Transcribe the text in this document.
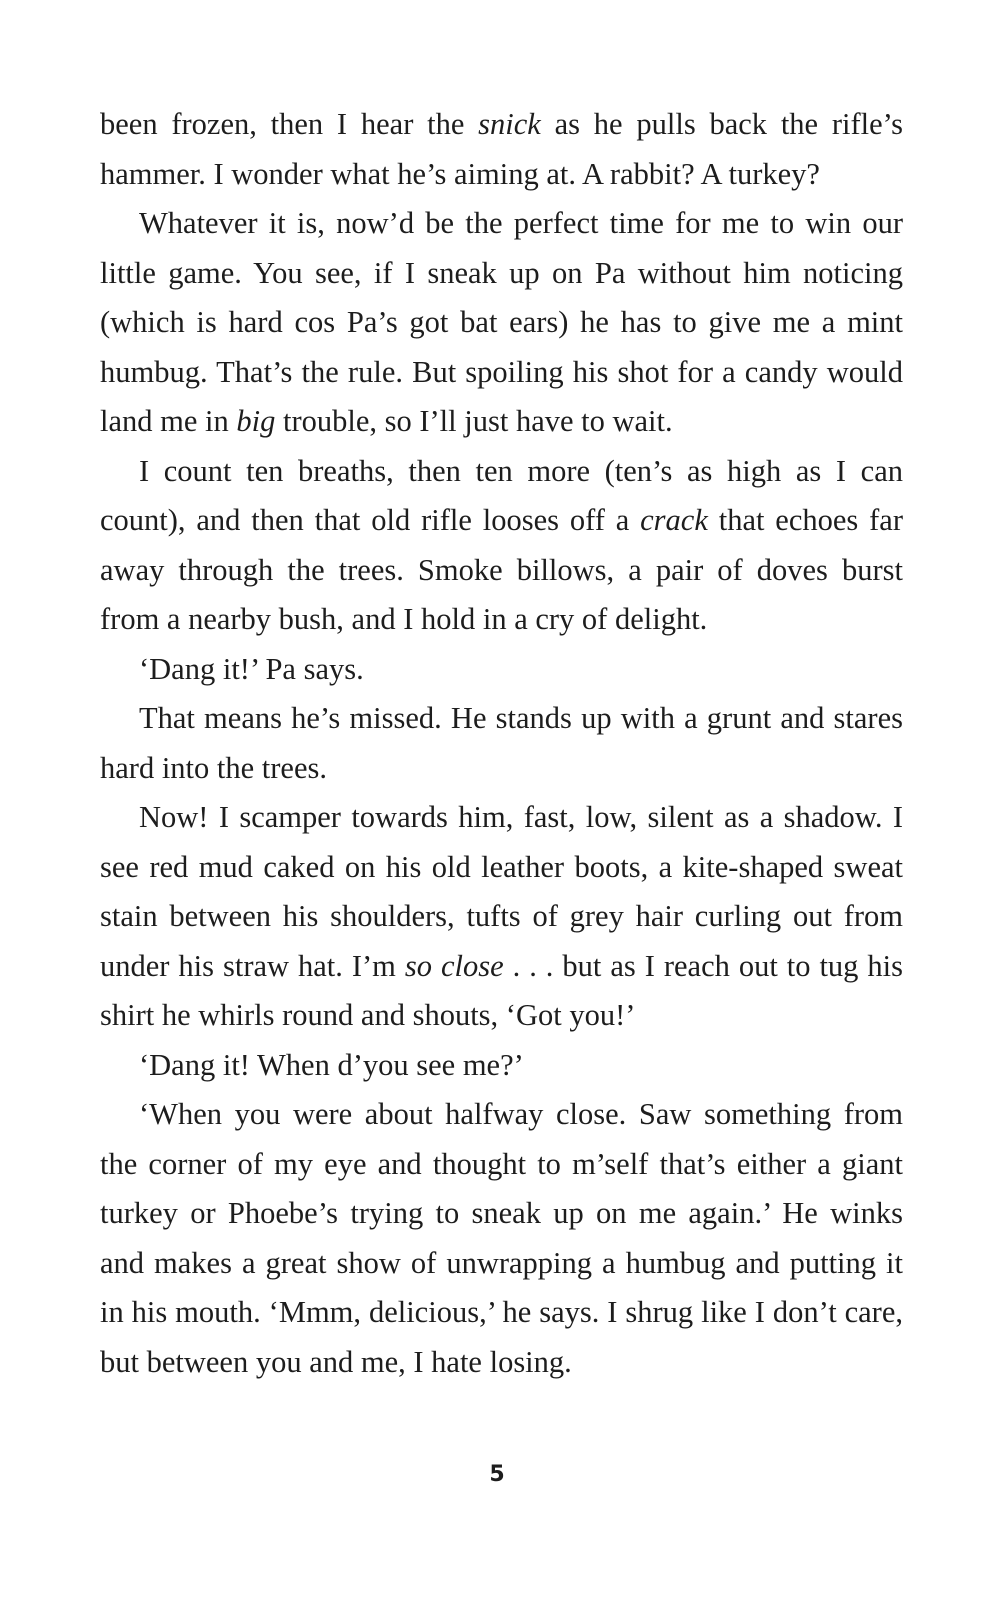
been frozen, then I hear the snick as he pulls back the rifle’s hammer. I wonder what he’s aiming at. A rabbit? A turkey?

Whatever it is, now’d be the perfect time for me to win our little game. You see, if I sneak up on Pa without him noticing (which is hard cos Pa’s got bat ears) he has to give me a mint humbug. That’s the rule. But spoiling his shot for a candy would land me in big trouble, so I’ll just have to wait.

I count ten breaths, then ten more (ten’s as high as I can count), and then that old rifle looses off a crack that echoes far away through the trees. Smoke billows, a pair of doves burst from a nearby bush, and I hold in a cry of delight.

‘Dang it!’ Pa says.

That means he’s missed. He stands up with a grunt and stares hard into the trees.

Now! I scamper towards him, fast, low, silent as a shadow. I see red mud caked on his old leather boots, a kite-shaped sweat stain between his shoulders, tufts of grey hair curling out from under his straw hat. I’m so close . . . but as I reach out to tug his shirt he whirls round and shouts, ‘Got you!’

‘Dang it! When d’you see me?’

‘When you were about halfway close. Saw something from the corner of my eye and thought to m’self that’s either a giant turkey or Phoebe’s trying to sneak up on me again.’ He winks and makes a great show of unwrapping a humbug and putting it in his mouth. ‘Mmm, delicious,’ he says. I shrug like I don’t care, but between you and me, I hate losing.

5
